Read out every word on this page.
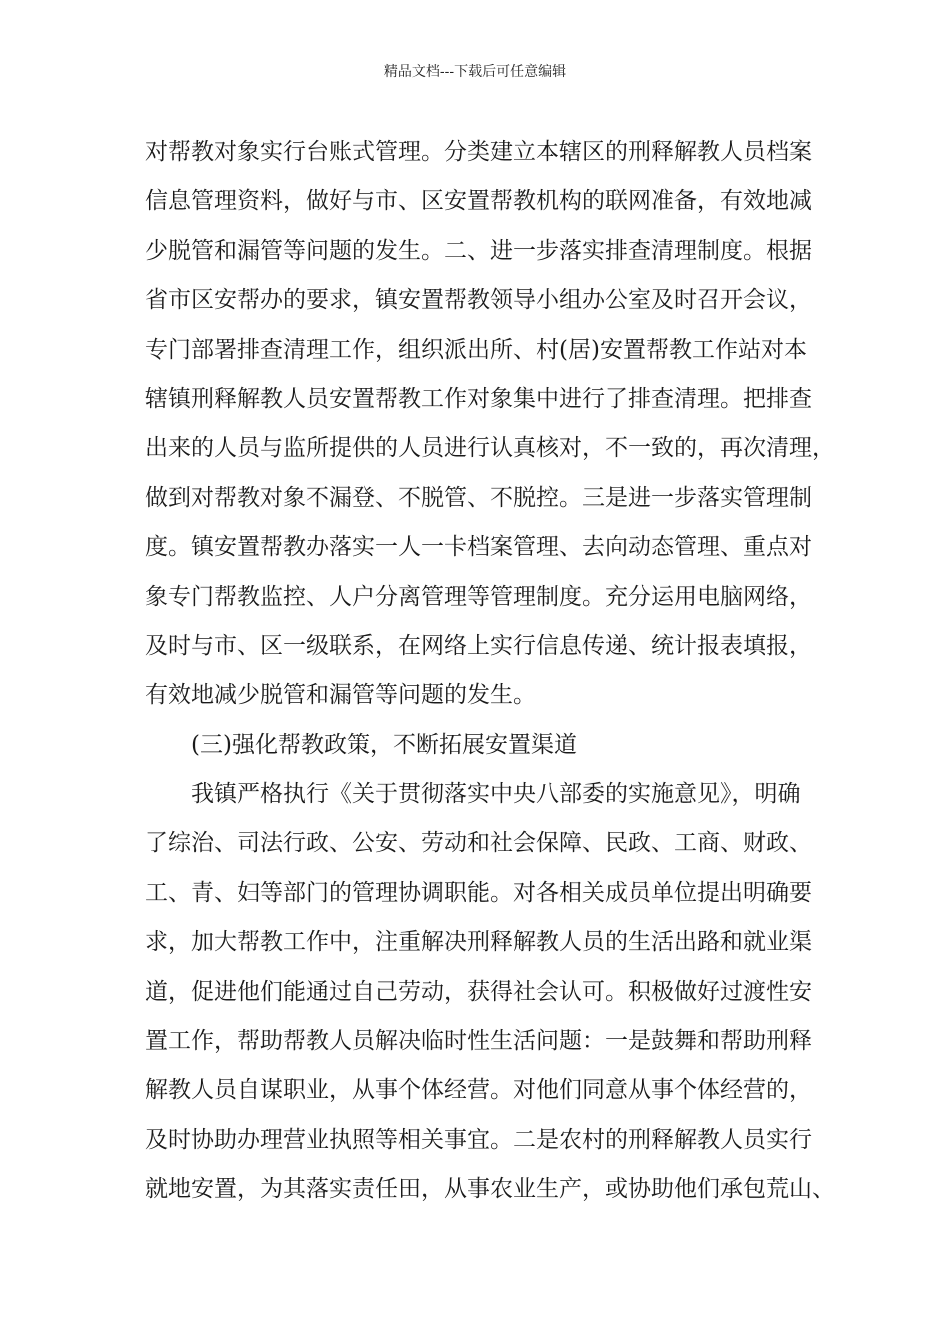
精品文档---下载后可任意编辑
对帮教对象实行台账式管理。分类建立本辖区的刑释解教人员档案
信息管理资料，做好与市、区安置帮教机构的联网准备，有效地减
少脱管和漏管等问题的发生。二、进一步落实排查清理制度。根据
省市区安帮办的要求，镇安置帮教领导小组办公室及时召开会议，
专门部署排查清理工作，组织派出所、村(居)安置帮教工作站对本
辖镇刑释解教人员安置帮教工作对象集中进行了排查清理。把排查
出来的人员与监所提供的人员进行认真核对，不一致的，再次清理，
做到对帮教对象不漏登、不脱管、不脱控。三是进一步落实管理制
度。镇安置帮教办落实一人一卡档案管理、去向动态管理、重点对
象专门帮教监控、人户分离管理等管理制度。充分运用电脑网络，
及时与市、区一级联系，在网络上实行信息传递、统计报表填报，
有效地减少脱管和漏管等问题的发生。
(三)强化帮教政策，不断拓展安置渠道
我镇严格执行《关于贯彻落实中央八部委的实施意见》，明确
了综治、司法行政、公安、劳动和社会保障、民政、工商、财政、
工、青、妇等部门的管理协调职能。对各相关成员单位提出明确要
求，加大帮教工作中，注重解决刑释解教人员的生活出路和就业渠
道，促进他们能通过自己劳动，获得社会认可。积极做好过渡性安
置工作，帮助帮教人员解决临时性生活问题：一是鼓舞和帮助刑释
解教人员自谋职业，从事个体经营。对他们同意从事个体经营的，
及时协助办理营业执照等相关事宜。二是农村的刑释解教人员实行
就地安置，为其落实责任田，从事农业生产，或协助他们承包荒山、
